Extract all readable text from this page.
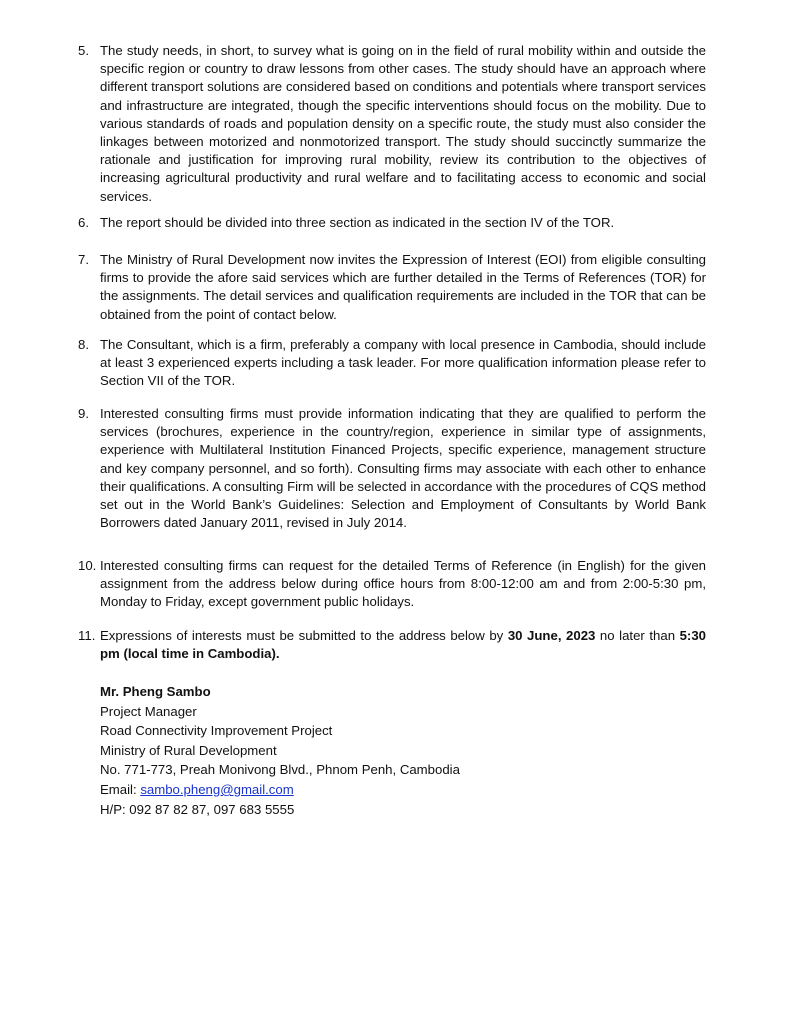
5. The study needs, in short, to survey what is going on in the field of rural mobility within and outside the specific region or country to draw lessons from other cases. The study should have an approach where different transport solutions are considered based on conditions and potentials where transport services and infrastructure are integrated, though the specific interventions should focus on the mobility. Due to various standards of roads and population density on a specific route, the study must also consider the linkages between motorized and nonmotorized transport. The study should succinctly summarize the rationale and justification for improving rural mobility, review its contribution to the objectives of increasing agricultural productivity and rural welfare and to facilitating access to economic and social services.
6. The report should be divided into three section as indicated in the section IV of the TOR.
7. The Ministry of Rural Development now invites the Expression of Interest (EOI) from eligible consulting firms to provide the afore said services which are further detailed in the Terms of References (TOR) for the assignments. The detail services and qualification requirements are included in the TOR that can be obtained from the point of contact below.
8. The Consultant, which is a firm, preferably a company with local presence in Cambodia, should include at least 3 experienced experts including a task leader. For more qualification information please refer to Section VII of the TOR.
9. Interested consulting firms must provide information indicating that they are qualified to perform the services (brochures, experience in the country/region, experience in similar type of assignments, experience with Multilateral Institution Financed Projects, specific experience, management structure and key company personnel, and so forth). Consulting firms may associate with each other to enhance their qualifications. A consulting Firm will be selected in accordance with the procedures of CQS method set out in the World Bank’s Guidelines: Selection and Employment of Consultants by World Bank Borrowers dated January 2011, revised in July 2014.
10. Interested consulting firms can request for the detailed Terms of Reference (in English) for the given assignment from the address below during office hours from 8:00-12:00 am and from 2:00-5:30 pm, Monday to Friday, except government public holidays.
11. Expressions of interests must be submitted to the address below by 30 June, 2023 no later than 5:30 pm (local time in Cambodia).
Mr. Pheng Sambo
Project Manager
Road Connectivity Improvement Project
Ministry of Rural Development
No. 771-773, Preah Monivong Blvd., Phnom Penh, Cambodia
Email: sambo.pheng@gmail.com
H/P: 092 87 82 87, 097 683 5555
